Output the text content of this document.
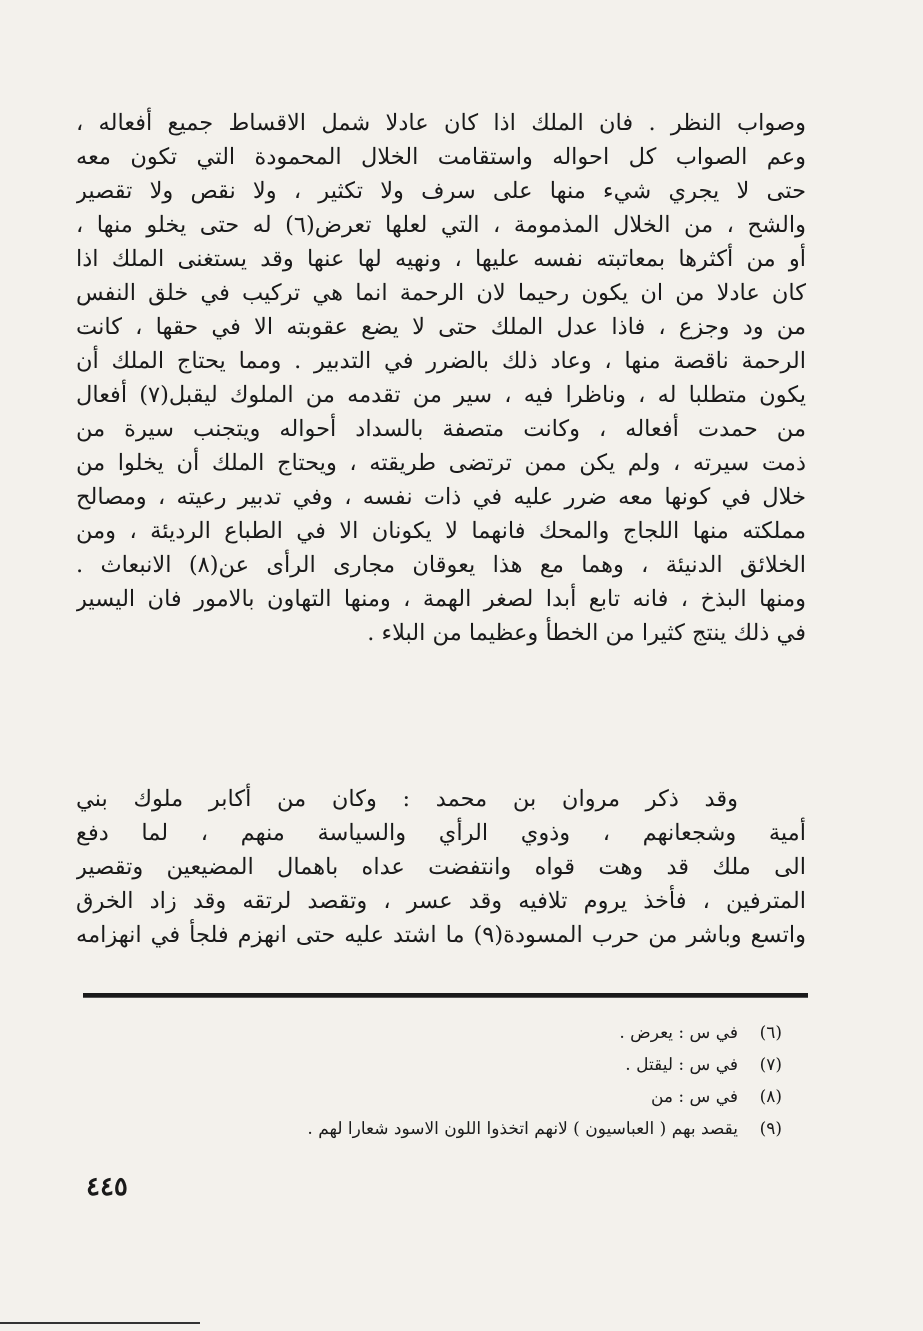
وصواب النظر . فان الملك اذا كان عادلا شمل الاقساط جميع أفعاله ،
وعم الصواب كل احواله واستقامت الخلال المحمودة التي تكون معه
حتى لا يجري شيء منها على سرف ولا تكثير ، ولا نقص ولا تقصير
والشح ، من الخلال المذمومة ، التي لعلها تعرض(٦) له حتى يخلو منها ،
أو من أكثرها بمعاتبته نفسه عليها ، ونهيه لها عنها وقد يستغنى الملك اذا
كان عادلا من ان يكون رحيما لان الرحمة انما هي تركيب في خلق النفس
من ود وجزع ، فاذا عدل الملك حتى لا يضع عقوبته الا في حقها ، كانت
الرحمة ناقصة منها ، وعاد ذلك بالضرر في التدبير . ومما يحتاج الملك أن
يكون متطلبا له ، وناظرا فيه ، سير من تقدمه من الملوك ليقبل(٧) أفعال
من حمدت أفعاله ، وكانت متصفة بالسداد أحواله ويتجنب سيرة من
ذمت سيرته ، ولم يكن ممن ترتضى طريقته ، ويحتاج الملك أن يخلوا من
خلال في كونها معه ضرر عليه في ذات نفسه ، وفي تدبير رعيته ، ومصالح
مملكته منها اللجاج والمحك فانهما لا يكونان الا في الطباع الرديئة ، ومن
الخلائق الدنيئة ، وهما مع هذا يعوقان مجارى الرأى عن(٨) الانبعاث .
ومنها البذخ ، فانه تابع أبدا لصغر الهمة ، ومنها التهاون بالامور فان اليسير
في ذلك ينتج كثيرا من الخطأ وعظيما من البلاء .
وقد ذكر مروان بن محمد : وكان من أكابر ملوك بني
أمية وشجعانهم ، وذوي الرأي والسياسة منهم ، لما دفع
الى ملك قد وهت قواه وانتفضت عداه باهمال المضيعين وتقصير
المترفين ، فأخذ يروم تلافيه وقد عسر ، وتقصد لرتقه وقد زاد الخرق
واتسع وباشر من حرب المسودة(٩) ما اشتد عليه حتى انهزم فلجأ في انهزامه
(٦)
في س : يعرض .
(٧)
في س : ليقتل .
(٨)
في س : من
(٩)
يقصد بهم ( العباسيون ) لانهم اتخذوا اللون الاسود شعارا لهم .
٤٤٥
